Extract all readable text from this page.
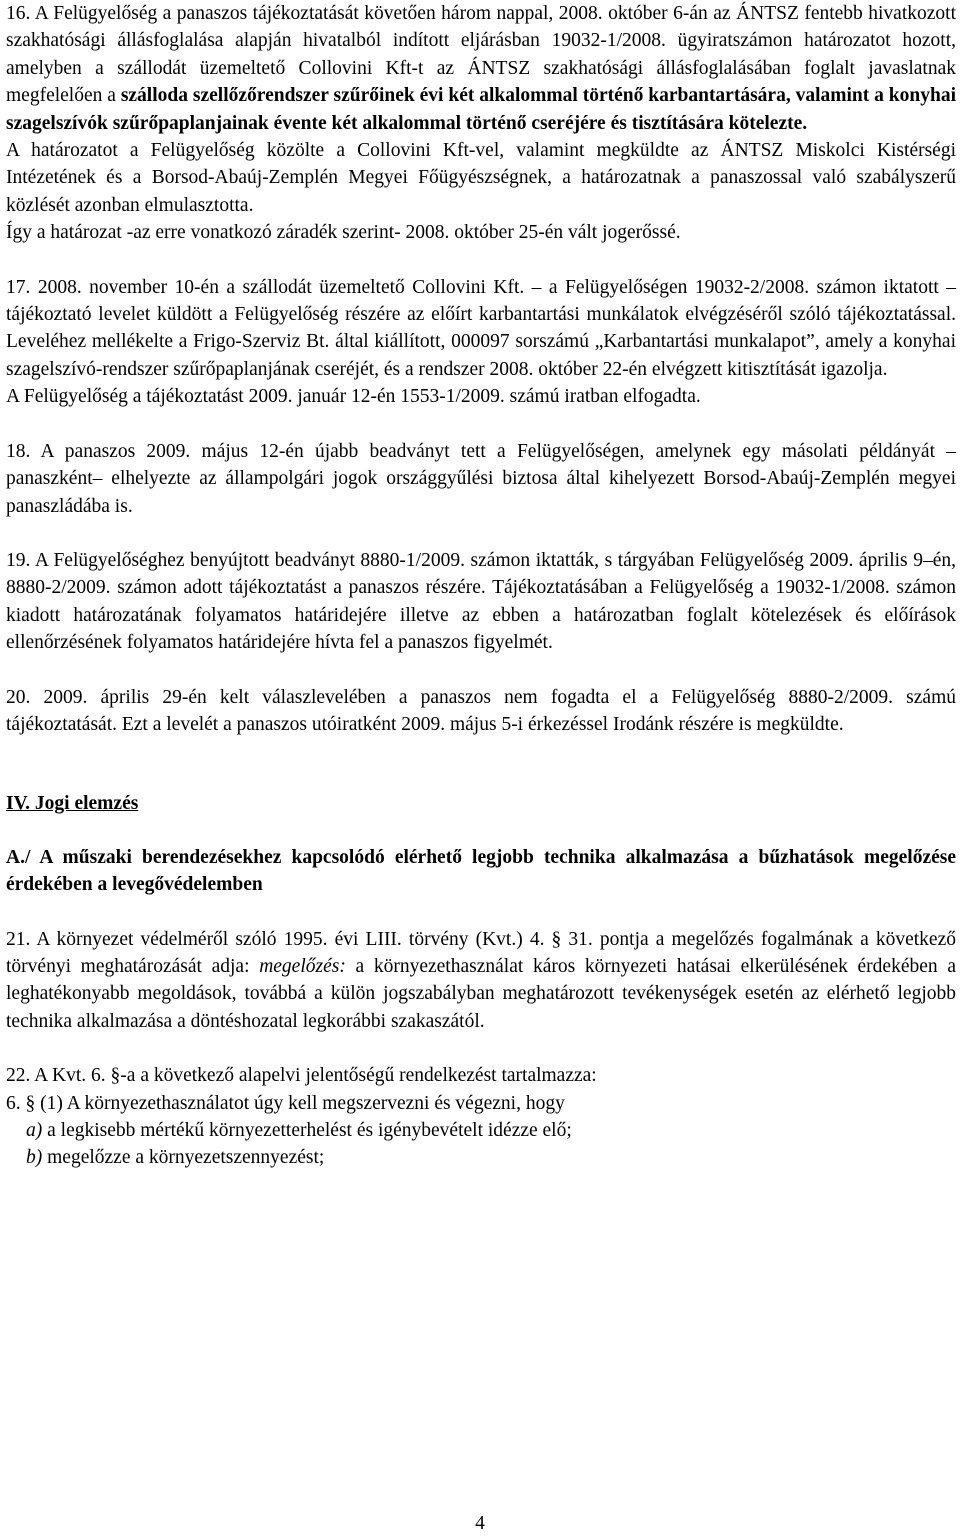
16. A Felügyelőség a panaszos tájékoztatását követően három nappal, 2008. október 6-án az ÁNTSZ fentebb hivatkozott szakhatósági állásfoglalása alapján hivatalból indított eljárásban 19032-1/2008. ügyiratszámon határozatot hozott, amelyben a szállodát üzemeltető Collovini Kft-t az ÁNTSZ szakhatósági állásfoglalásában foglalt javaslatnak megfelelően a szálloda szellőzőrendszer szűrőinek évi két alkalommal történő karbantartására, valamint a konyhai szagelszívók szűrőpaplanjainak évente két alkalommal történő cseréjére és tisztítására kötelezte.

A határozatot a Felügyelőség közölte a Collovini Kft-vel, valamint megküldte az ÁNTSZ Miskolci Kistérségi Intézetének és a Borsod-Abaúj-Zemplén Megyei Főügyészségnek, a határozatnak a panaszossal való szabályszerű közlését azonban elmulasztotta.

Így a határozat -az erre vonatkozó záradék szerint- 2008. október 25-én vált jogerőssé.

17. 2008. november 10-én a szállodát üzemeltető Collovini Kft. – a Felügyelőségen 19032-2/2008. számon iktatott – tájékoztató levelet küldött a Felügyelőség részére az előírt karbantartási munkálatok elvégzéséről szóló tájékoztatással. Leveléhez mellékelte a Frigo-Szerviz Bt. által kiállított, 000097 sorszámú „Karbantartási munkalapot”, amely a konyhai szagelszívó-rendszer szűrőpaplanjának cseréjét, és a rendszer 2008. október 22-én elvégzett kitisztítását igazolja.

A Felügyelőség a tájékoztatást 2009. január 12-én 1553-1/2009. számú iratban elfogadta.

18. A panaszos 2009. május 12-én újabb beadványt tett a Felügyelőségen, amelynek egy másolati példányát –panaszként– elhelyezte az állampolgári jogok országgyűlési biztosa által kihelyezett Borsod-Abaúj-Zemplén megyei panaszládába is.

19. A Felügyelőséghez benyújtott beadványt 8880-1/2009. számon iktatták, s tárgyában Felügyelőség 2009. április 9–én, 8880-2/2009. számon adott tájékoztatást a panaszos részére. Tájékoztatásában a Felügyelőség a 19032-1/2008. számon kiadott határozatának folyamatos határidejére illetve az ebben a határozatban foglalt kötelezések és előírások ellenőrzésének folyamatos határidejére hívta fel a panaszos figyelmét.

20. 2009. április 29-én kelt válaszlevelében a panaszos nem fogadta el a Felügyelőség 8880-2/2009. számú tájékoztatását. Ezt a levelét a panaszos utóiratként 2009. május 5-i érkezéssel Irodánk részére is megküldte.

IV. Jogi elemzés

A./ A műszaki berendezésekhez kapcsolódó elérhető legjobb technika alkalmazása a bűzhatások megelőzése érdekében a levegővédelemben

21. A környezet védelméről szóló 1995. évi LIII. törvény (Kvt.) 4. § 31. pontja a megelőzés fogalmának a következő törvényi meghatározását adja: megelőzés: a környezethasználat káros környezeti hatásai elkerülésének érdekében a leghatékonyabb megoldások, továbbá a külön jogszabályban meghatározott tevékenységek esetén az elérhető legjobb technika alkalmazása a döntéshozatal legkorábbi szakaszától.

22. A Kvt. 6. §-a a következő alapelvi jelentőségű rendelkezést tartalmazza:

6. § (1) A környezethasználatot úgy kell megszervezni és végezni, hogy

a) a legkisebb mértékű környezetterhelést és igénybevételt idézze elő;

b) megelőzze a környezetszennyezést;

4
